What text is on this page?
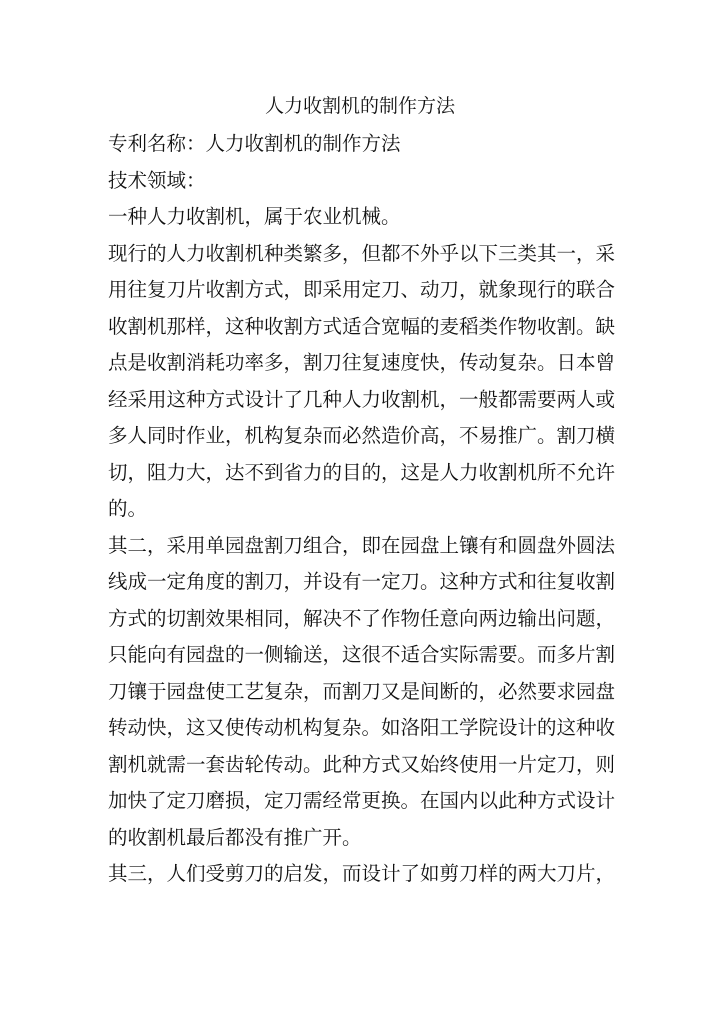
人力收割机的制作方法
专利名称：人力收割机的制作方法
技术领域：
一种人力收割机，属于农业机械。
现行的人力收割机种类繁多，但都不外乎以下三类其一，采
用往复刀片收割方式，即采用定刀、动刀，就象现行的联合
收割机那样，这种收割方式适合宽幅的麦稻类作物收割。缺
点是收割消耗功率多，割刀往复速度快，传动复杂。日本曾
经采用这种方式设计了几种人力收割机，一般都需要两人或
多人同时作业，机构复杂而必然造价高，不易推广。割刀横
切，阻力大，达不到省力的目的，这是人力收割机所不允许
的。
其二，采用单园盘割刀组合，即在园盘上镶有和圆盘外圆法
线成一定角度的割刀，并设有一定刀。这种方式和往复收割
方式的切割效果相同，解决不了作物任意向两边输出问题，
只能向有园盘的一侧输送，这很不适合实际需要。而多片割
刀镶于园盘使工艺复杂，而割刀又是间断的，必然要求园盘
转动快，这又使传动机构复杂。如洛阳工学院设计的这种收
割机就需一套齿轮传动。此种方式又始终使用一片定刀，则
加快了定刀磨损，定刀需经常更换。在国内以此种方式设计
的收割机最后都没有推广开。
其三，人们受剪刀的启发，而设计了如剪刀样的两大刀片，
